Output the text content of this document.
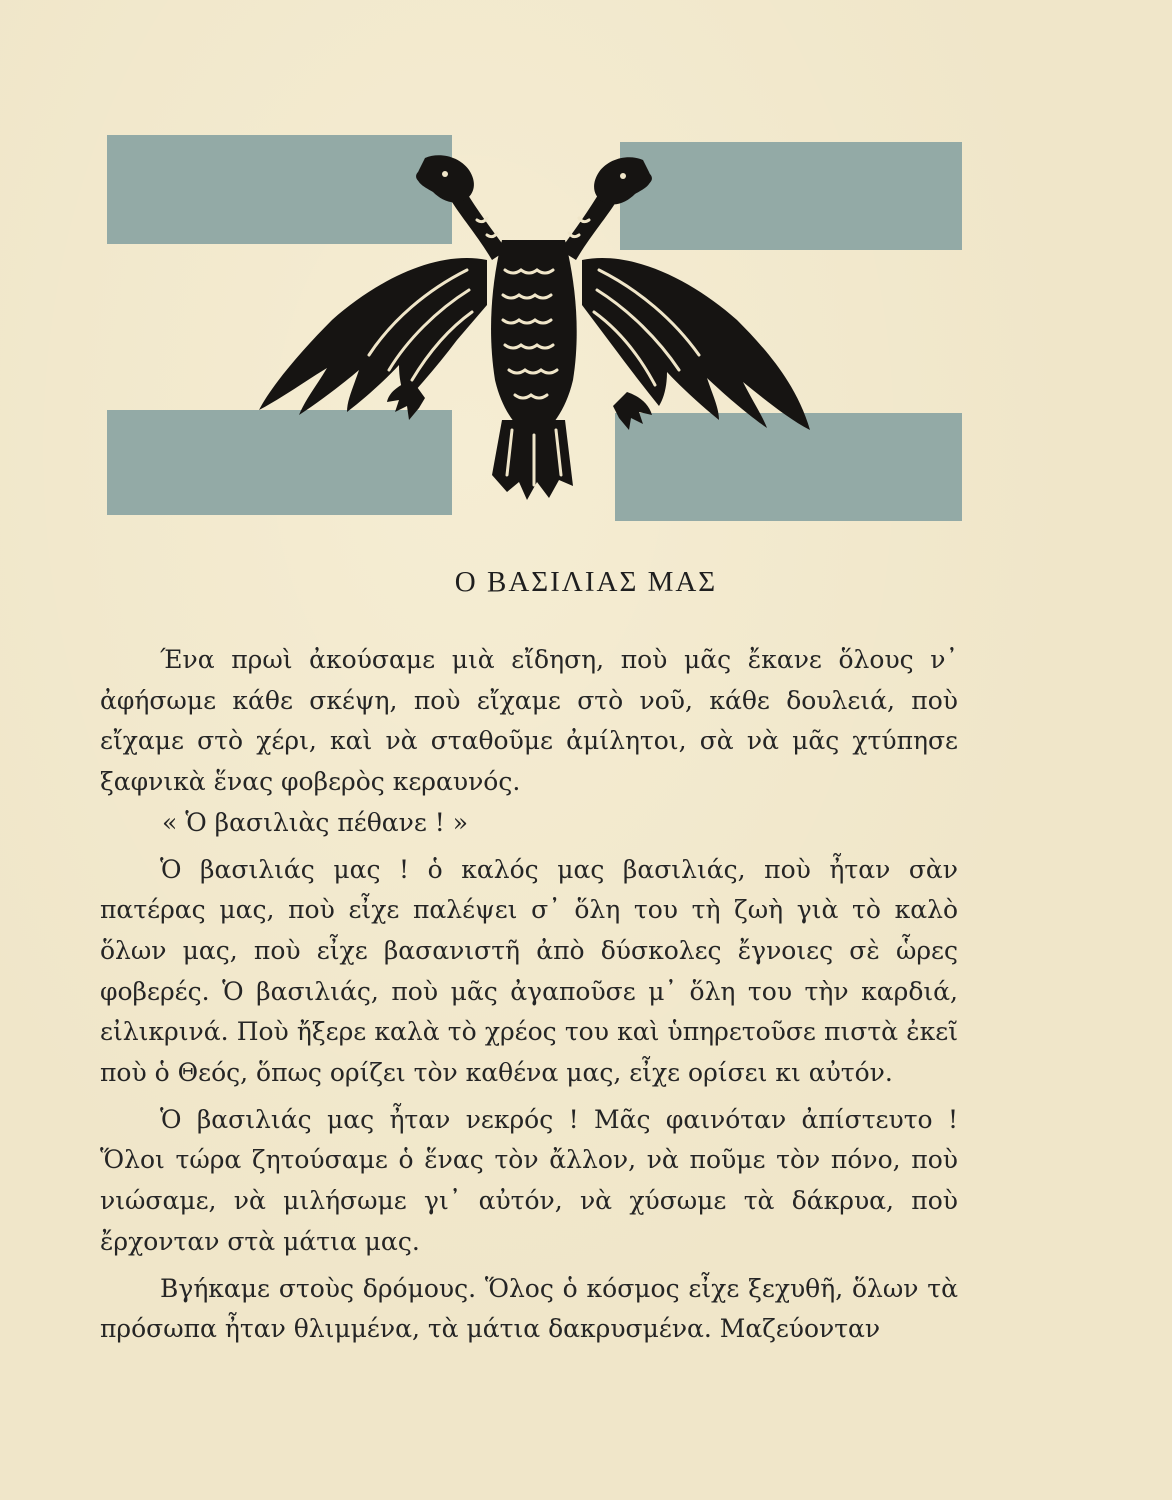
Ο ΒΑΣΙΛΙΑΣ ΜΑΣ

Ένα πρωὶ ἀκούσαμε μιὰ εἴδηση, ποὺ μᾶς ἔκανε ὅλους ν᾽ ἀφήσωμε κάθε σκέψη, ποὺ εἴχαμε στὸ νοῦ, κάθε δουλειά, ποὺ εἴχαμε στὸ χέρι, καὶ νὰ σταθοῦμε ἀμίλητοι, σὰ νὰ μᾶς χτύπησε ξαφνικὰ ἕνας φοβερὸς κεραυνός.

« Ὁ βασιλιὰς πέθανε ! »

Ὁ βασιλιάς μας ! ὁ καλός μας βασιλιάς, ποὺ ἦταν σὰν πατέρας μας, ποὺ εἶχε παλέψει σ᾽ ὅλη του τὴ ζωὴ γιὰ τὸ καλὸ ὅλων μας, ποὺ εἶχε βασανιστῆ ἀπὸ δύσκολες ἔγνοιες σὲ ὧρες φοβερές. Ὁ βασιλιάς, ποὺ μᾶς ἀγαποῦσε μ᾽ ὅλη του τὴν καρδιά, εἰλικρινά. Ποὺ ἤξερε καλὰ τὸ χρέος του καὶ ὑπηρετοῦσε πιστὰ ἐκεῖ ποὺ ὁ Θεός, ὅπως ορίζει τὸν καθένα μας, εἶχε ορίσει κι αὐτόν.

Ὁ βασιλιάς μας ἦταν νεκρός ! Μᾶς φαινόταν ἀπίστευτο ! Ὅλοι τώρα ζητούσαμε ὁ ἕνας τὸν ἄλλον, νὰ ποῦμε τὸν πόνο, ποὺ νιώσαμε, νὰ μιλήσωμε γι᾽ αὐτόν, νὰ χύσωμε τὰ δάκρυα, ποὺ ἔρχονταν στὰ μάτια μας.

Βγήκαμε στοὺς δρόμους. Ὅλος ὁ κόσμος εἶχε ξεχυθῆ, ὅλων τὰ πρόσωπα ἦταν θλιμμένα, τὰ μάτια δακρυσμένα. Μαζεύονταν
